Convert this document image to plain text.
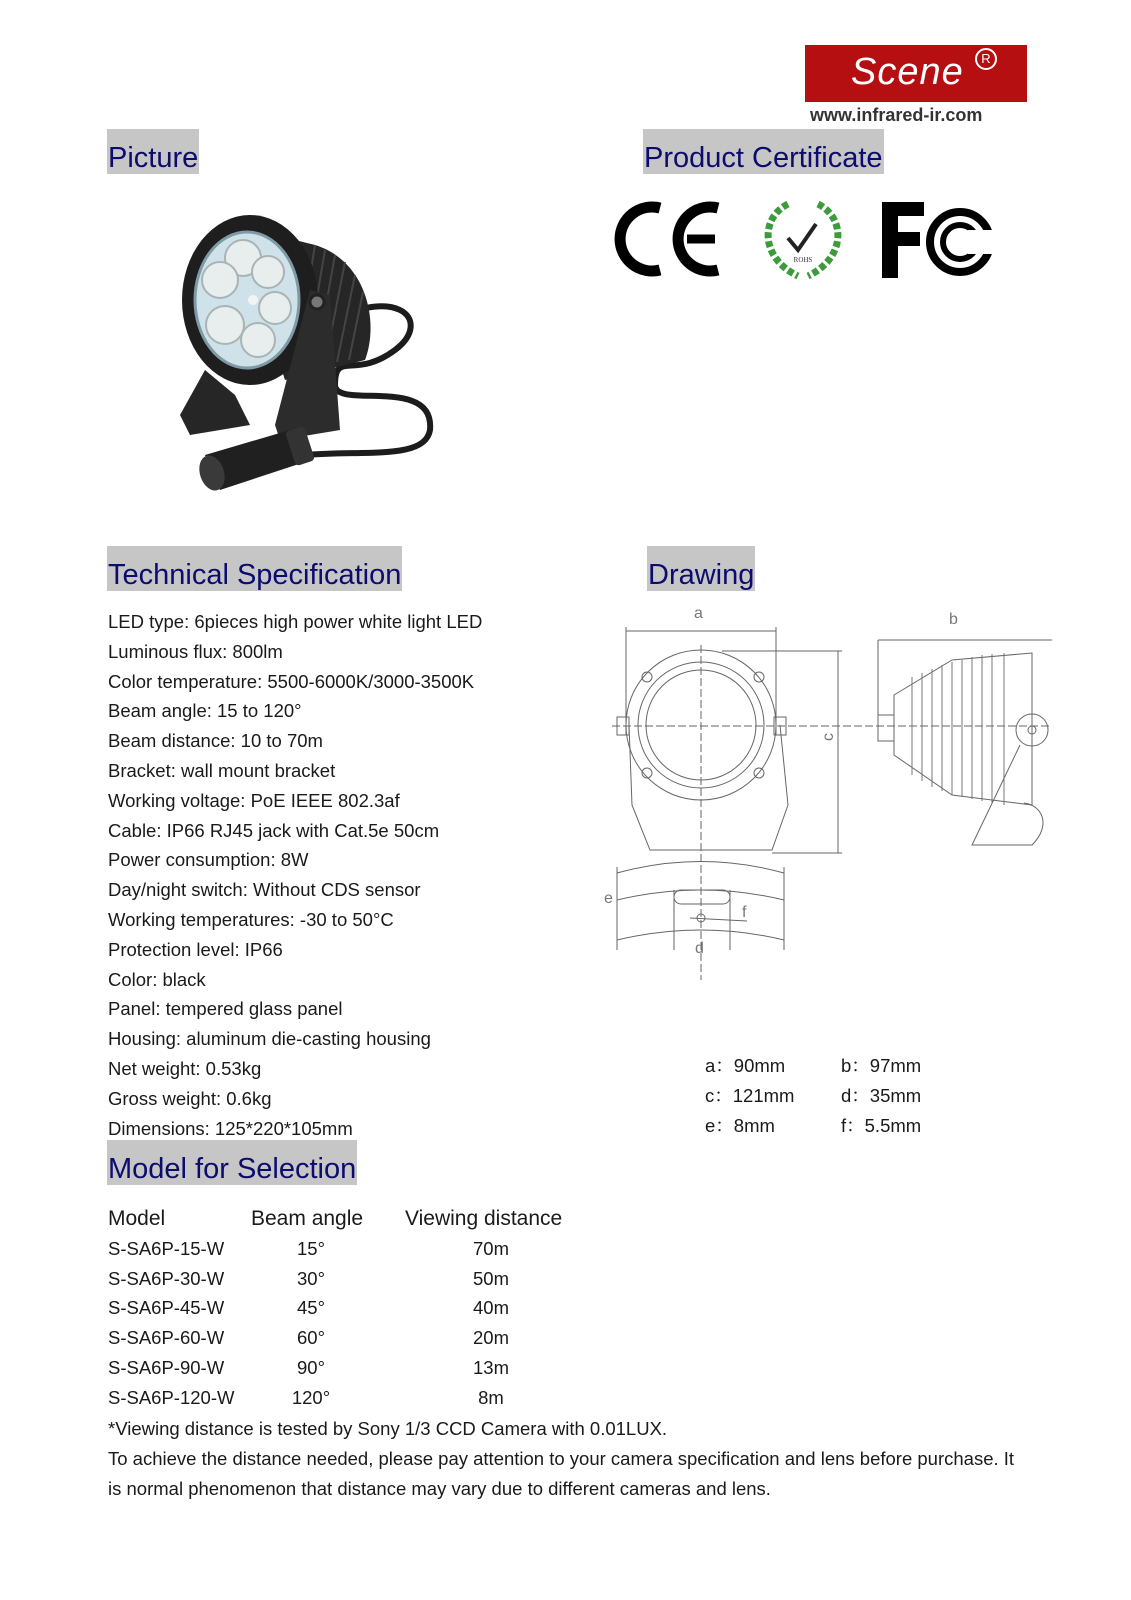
Scene	R
www.infrared-ir.com
Picture	Product Certificate
Technical Specification	Drawing
Model for Selection
ROHS
a	b
c
d
e
f
LED type: 6pieces high power white light LED
Luminous flux: 800lm
Color temperature: 5500-6000K/3000-3500K
Beam angle: 15 to 120°
Beam distance: 10 to 70m
Bracket: wall mount bracket
Working voltage: PoE IEEE 802.3af
Cable: IP66 RJ45 jack with Cat.5e 50cm
Power consumption: 8W
Day/night switch: Without CDS sensor
Working temperatures: -30 to 50°C
Protection level: IP66
Color: black
Panel: tempered glass panel
Housing: aluminum die-casting housing
Net weight: 0.53kg
Gross weight: 0.6kg
Dimensions: 125*220*105mm
a：90mm	b：97mm
c：121mm	d：35mm
e：8mm	f：5.5mm
Model	Beam angle	Viewing distance
S-SA6P-15-W	15°	70m
S-SA6P-30-W	30°	50m
S-SA6P-45-W	45°	40m
S-SA6P-60-W	60°	20m
S-SA6P-90-W	90°	13m
S-SA6P-120-W	120°	8m
*Viewing distance is tested by Sony 1/3 CCD Camera with 0.01LUX.
To achieve the distance needed, please pay attention to your camera specification and lens before purchase. It is normal phenomenon that distance may vary due to different cameras and lens.
